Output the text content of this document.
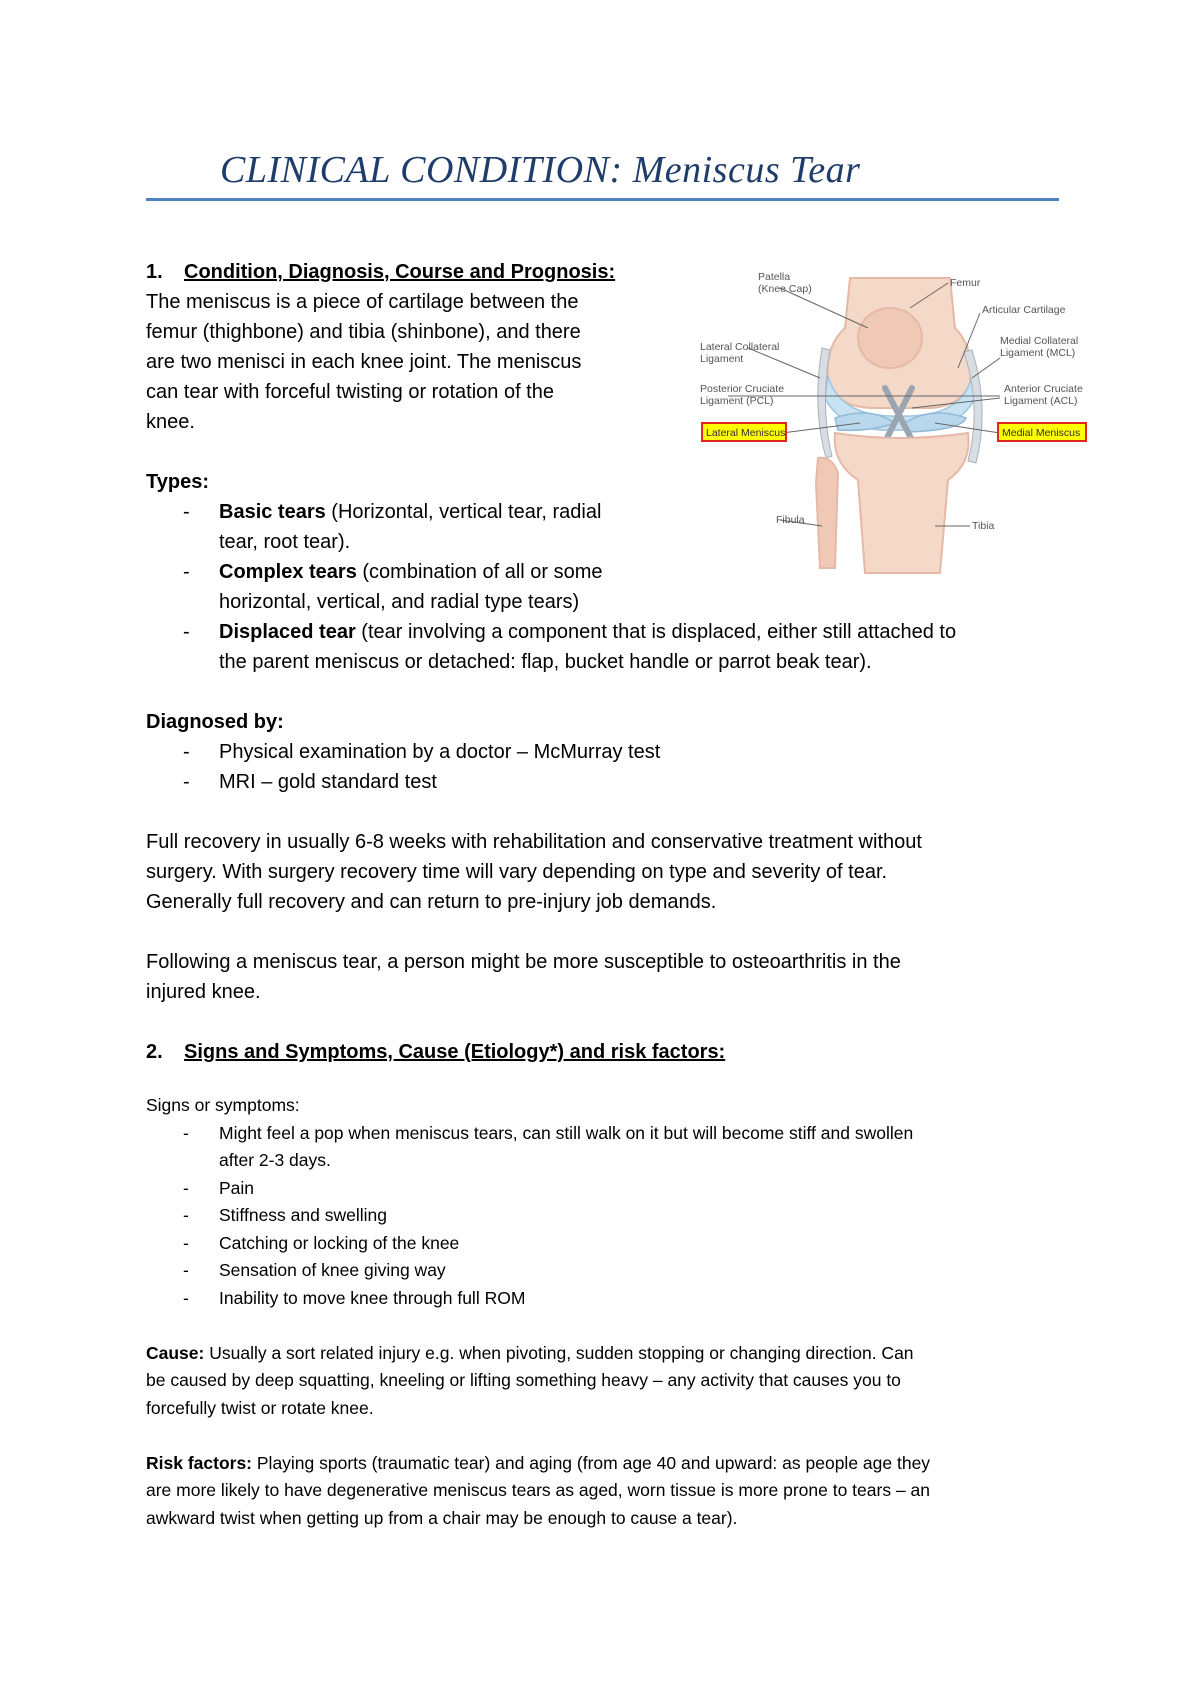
CLINICAL CONDITION: Meniscus Tear
1. Condition, Diagnosis, Course and Prognosis:
The meniscus is a piece of cartilage between the
femur (thighbone) and tibia (shinbone), and there
are two menisci in each knee joint. The meniscus
can tear with forceful twisting or rotation of the
knee.
Types:
- Basic tears (Horizontal, vertical tear, radial
tear, root tear).
- Complex tears (combination of all or some
horizontal, vertical, and radial type tears)
- Displaced tear (tear involving a component that is displaced, either still attached to
the parent meniscus or detached: flap, bucket handle or parrot beak tear).
Diagnosed by:
- Physical examination by a doctor – McMurray test
- MRI – gold standard test

Full recovery in usually 6-8 weeks with rehabilitation and conservative treatment without
surgery. With surgery recovery time will vary depending on type and severity of tear.
Generally full recovery and can return to pre-injury job demands.

Following a meniscus tear, a person might be more susceptible to osteoarthritis in the
injured knee.

2. Signs and Symptoms, Cause (Etiology*) and risk factors:
Signs or symptoms:
- Might feel a pop when meniscus tears, can still walk on it but will become stiff and swollen
after 2-3 days.
- Pain
- Stiffness and swelling
- Catching or locking of the knee
- Sensation of knee giving way
- Inability to move knee through full ROM

Cause: Usually a sort related injury e.g. when pivoting, sudden stopping or changing direction. Can
be caused by deep squatting, kneeling or lifting something heavy – any activity that causes you to
forcefully twist or rotate knee.

Risk factors: Playing sports (traumatic tear) and aging (from age 40 and upward: as people age they
are more likely to have degenerative meniscus tears as aged, worn tissue is more prone to tears – an
awkward twist when getting up from a chair may be enough to cause a tear).

Patella (Knee Cap)	Femur
Articular Cartilage
Lateral Collateral Ligament
Medial Collateral Ligament (MCL)
Posterior Cruciate Ligament (PCL)
Anterior Cruciate Ligament (ACL)
Fibula	Tibia
Lateral Meniscus	Medial Meniscus
